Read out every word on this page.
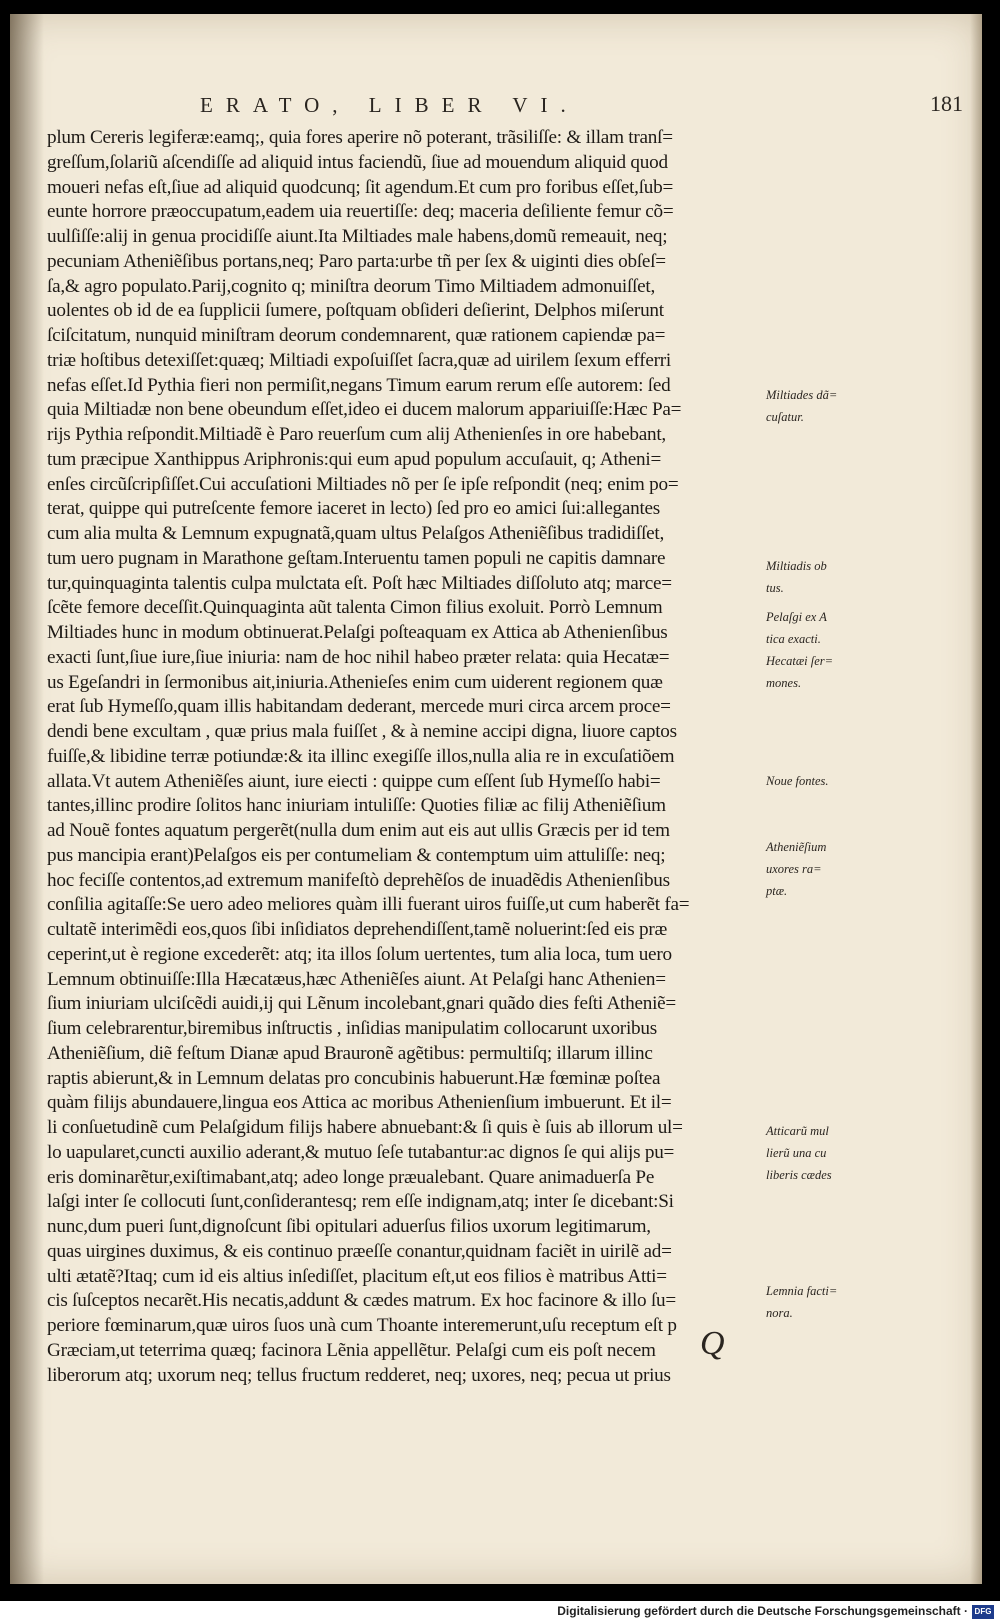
ERATO, LIBER VI.	181
plum Cereris legiferæ:eamq;, quia fores aperire nõ poterant, trãsiliſſe: & illam tranſ=
greſſum,ſolariũ aſcendiſſe ad aliquid intus faciendũ, ſiue ad mouendum aliquid quod
moueri nefas eſt,ſiue ad aliquid quodcunq; ſit agendum.Et cum pro foribus eſſet,ſub=
eunte horrore præoccupatum,eadem uia reuertiſſe: deq; maceria deſiliente femur cõ=
uulſiſſe:alij in genua procidiſſe aiunt.Ita Miltiades male habens,domũ remeauit, neq;
pecuniam Atheniẽſibus portans,neq; Paro parta:urbe tñ per ſex & uiginti dies obſeſ=
ſa,& agro populato.Parij,cognito q; miniſtra deorum Timo Miltiadem admonuiſſet,
uolentes ob id de ea ſupplicii ſumere, poſtquam obſideri deſierint, Delphos miſerunt
ſciſcitatum, nunquid miniſtram deorum condemnarent, quæ rationem capiendæ pa=
triæ hoſtibus detexiſſet:quæq; Miltiadi expoſuiſſet ſacra,quæ ad uirilem ſexum efferri
nefas eſſet.Id Pythia fieri non permiſit,negans Timum earum rerum eſſe autorem: ſed
quia Miltiadæ non bene obeundum eſſet,ideo ei ducem malorum appariuiſſe:Hæc Pa=
rijs Pythia reſpondit.Miltiadẽ è Paro reuerſum cum alij Athenienſes in ore habebant,
tum præcipue Xanthippus Ariphronis:qui eum apud populum accuſauit, q; Atheni=
enſes circũſcripſiſſet.Cui accuſationi Miltiades nõ per ſe ipſe reſpondit (neq; enim po=
terat, quippe qui putreſcente femore iaceret in lecto) ſed pro eo amici ſui:allegantes
cum alia multa & Lemnum expugnatã,quam ultus Pelaſgos Atheniẽſibus tradidiſſet,
tum uero pugnam in Marathone geſtam.Interuentu tamen populi ne capitis damnare
tur,quinquaginta talentis culpa mulctata eſt. Poſt hæc Miltiades diſſoluto atq; marce=
ſcẽte femore deceſſit.Quinquaginta aũt talenta Cimon filius exoluit. Porrò Lemnum
Miltiades hunc in modum obtinuerat.Pelaſgi poſteaquam ex Attica ab Athenienſibus
exacti ſunt,ſiue iure,ſiue iniuria: nam de hoc nihil habeo præter relata: quia Hecatæ=
us Egeſandri in ſermonibus ait,iniuria.Athenieſes enim cum uiderent regionem quæ
erat ſub Hymeſſo,quam illis habitandam dederant, mercede muri circa arcem proce=
dendi bene excultam , quæ prius mala fuiſſet , & à nemine accipi digna, liuore captos
fuiſſe,& libidine terræ potiundæ:& ita illinc exegiſſe illos,nulla alia re in excuſatiõem
allata.Vt autem Atheniẽſes aiunt, iure eiecti : quippe cum eſſent ſub Hymeſſo habi=
tantes,illinc prodire ſolitos hanc iniuriam intuliſſe: Quoties filiæ ac filij Atheniẽſium
ad Nouẽ fontes aquatum pergerẽt(nulla dum enim aut eis aut ullis Græcis per id tem
pus mancipia erant)Pelaſgos eis per contumeliam & contemptum uim attuliſſe: neq;
hoc feciſſe contentos,ad extremum manifeſtò deprehẽſos de inuadẽdis Athenienſibus
conſilia agitaſſe:Se uero adeo meliores quàm illi fuerant uiros fuiſſe,ut cum haberẽt fa=
cultatẽ interimẽdi eos,quos ſibi inſidiatos deprehendiſſent,tamẽ noluerint:ſed eis præ
ceperint,ut è regione excederẽt: atq; ita illos ſolum uertentes, tum alia loca, tum uero
Lemnum obtinuiſſe:Illa Hæcatæus,hæc Atheniẽſes aiunt. At Pelaſgi hanc Athenien=
ſium iniuriam ulciſcẽdi auidi,ij qui Lẽnum incolebant,gnari quãdo dies feſti Atheniẽ=
ſium celebrarentur,biremibus inſtructis , inſidias manipulatim collocarunt uxoribus
Atheniẽſium, diẽ feſtum Dianæ apud Brauronẽ agẽtibus: permultiſq; illarum illinc
raptis abierunt,& in Lemnum delatas pro concubinis habuerunt.Hæ fœminæ poſtea
quàm filijs abundauere,lingua eos Attica ac moribus Athenienſium imbuerunt. Et il=
li conſuetudinẽ cum Pelaſgidum filijs habere abnuebant:& ſi quis è ſuis ab illorum ul=
lo uapularet,cuncti auxilio aderant,& mutuo ſeſe tutabantur:ac dignos ſe qui alijs pu=
eris dominarẽtur,exiſtimabant,atq; adeo longe præualebant. Quare animaduerſa Pe
laſgi inter ſe collocuti ſunt,conſiderantesq; rem eſſe indignam,atq; inter ſe dicebant:Si
nunc,dum pueri ſunt,dignoſcunt ſibi opitulari aduerſus filios uxorum legitimarum,
quas uirgines duximus, & eis continuo præeſſe conantur,quidnam faciẽt in uirilẽ ad=
ulti ætatẽ?Itaq; cum id eis altius inſediſſet, placitum eſt,ut eos filios è matribus Atti=
cis ſuſceptos necarẽt.His necatis,addunt & cædes matrum. Ex hoc facinore & illo ſu=
periore fœminarum,quæ uiros ſuos unà cum Thoante interemerunt,uſu receptum eſt p
Græciam,ut teterrima quæq; facinora Lẽnia appellẽtur. Pelaſgi cum eis poſt necem
liberorum atq; uxorum neq; tellus fructum redderet, neq; uxores, neq; pecua ut prius
Miltiades dã=
cuſatur.
Miltiadis ob
tus.
Pelaſgi ex A
tica exacti.
Hecatæi ſer=
mones.
Noue fontes.
Atheniẽſium
uxores ra=
ptæ.
Atticarũ mul
lierũ una cu
liberis cædes
Lemnia facti=
nora.
Q
Digitalisierung gefördert durch die Deutsche Forschungsgemeinschaft · DFG
